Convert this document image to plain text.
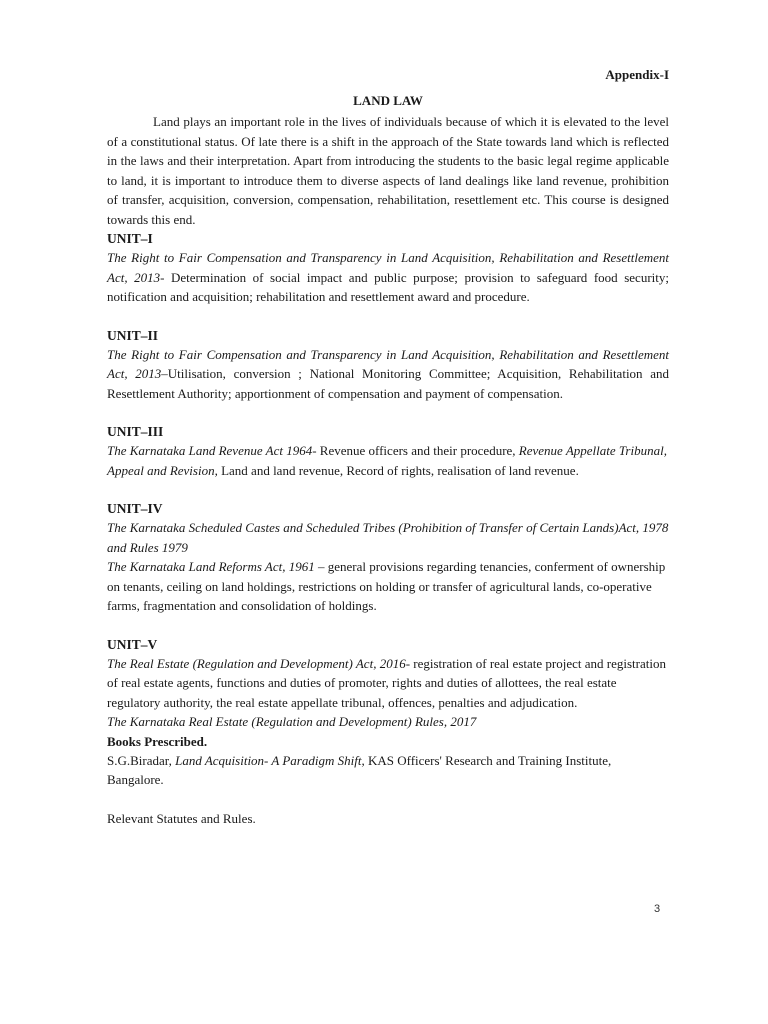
Appendix-I

LAND LAW

Land plays an important role in the lives of individuals because of which it is elevated to the level of a constitutional status. Of late there is a shift in the approach of the State towards land which is reflected in the laws and their interpretation. Apart from introducing the students to the basic legal regime applicable to land, it is important to introduce them to diverse aspects of land dealings like land revenue, prohibition of transfer, acquisition, conversion, compensation, rehabilitation, resettlement etc. This course is designed towards this end.

UNIT–I

The Right to Fair Compensation and Transparency in Land Acquisition, Rehabilitation and Resettlement Act, 2013- Determination of social impact and public purpose; provision to safeguard food security; notification and acquisition; rehabilitation and resettlement award and procedure.

UNIT–II

The Right to Fair Compensation and Transparency in Land Acquisition, Rehabilitation and Resettlement Act, 2013–Utilisation, conversion ; National Monitoring Committee; Acquisition, Rehabilitation and Resettlement Authority; apportionment of compensation and payment of compensation.

UNIT–III

The Karnataka Land Revenue Act 1964- Revenue officers and their procedure, Revenue Appellate Tribunal, Appeal and Revision, Land and land revenue, Record of rights, realisation of land revenue.

UNIT–IV

The Karnataka Scheduled Castes and Scheduled Tribes (Prohibition of Transfer of Certain Lands)Act, 1978 and Rules 1979

The Karnataka Land Reforms Act, 1961 – general provisions regarding tenancies, conferment of ownership on tenants, ceiling on land holdings, restrictions on holding or transfer of agricultural lands, co-operative farms, fragmentation and consolidation of holdings.

UNIT–V

The Real Estate (Regulation and Development) Act, 2016- registration of real estate project and registration of real estate agents, functions and duties of promoter, rights and duties of allottees, the real estate regulatory authority, the real estate appellate tribunal, offences, penalties and adjudication.

The Karnataka Real Estate (Regulation and Development) Rules, 2017

Books Prescribed.

S.G.Biradar, Land Acquisition- A Paradigm Shift, KAS Officers' Research and Training Institute, Bangalore.

Relevant Statutes and Rules.

3
